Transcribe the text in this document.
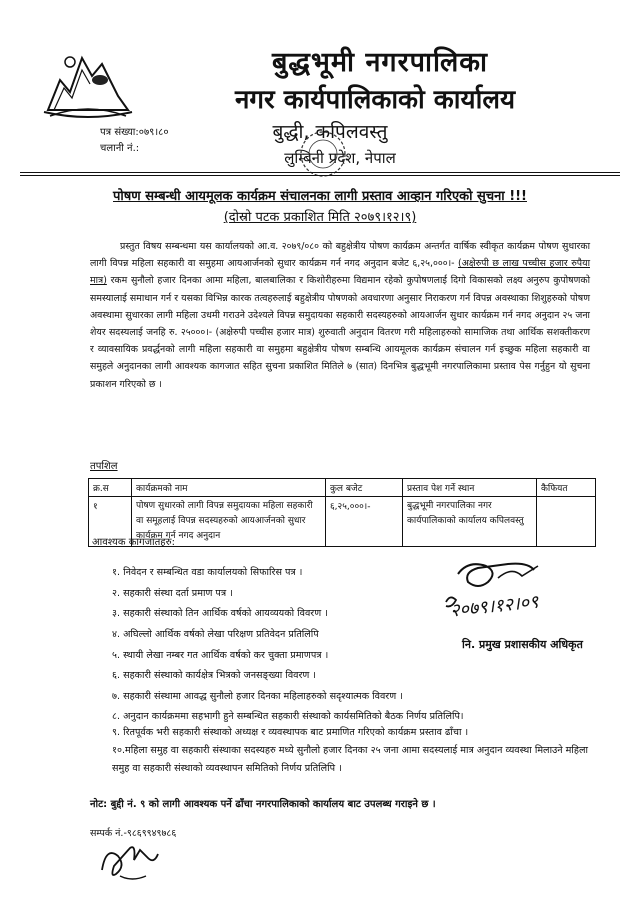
बुद्धभूमी नगरपालिका
नगर कार्यपालिकाको कार्यालय
बुद्धी, कपिलवस्तु
लुम्बिनी प्रदेश, नेपाल
पत्र संख्या:०७९।८०
चलानी नं.:
पोषण सम्बन्धी आयमूलक कार्यक्रम संचालनका लागी प्रस्ताव आव्हान गरिएको सुचना !!!
(दोस्रो पटक प्रकाशित मिति २०७९।१२।९)
प्रस्तुत विषय सम्बन्धमा यस कार्यालयको आ.व. २०७९/०८० को बहुक्षेत्रीय पोषण कार्यक्रम अन्तर्गत वार्षिक स्वीकृत कार्यक्रम पोषण सुधारका लागी विपन्न महिला सहकारी वा समुहमा आयआर्जनको सुधार कार्यक्रम गर्न नगद अनुदान बजेट ६,२५,०००।- (अक्षेरुपी छ लाख पच्चीस हजार रुपैया मात्र) रकम सुनौलो हजार दिनका आमा महिला, बालबालिका र किशोरीहरुमा विद्यमान रहेको कुपोषणलाई दिगो विकासको लक्ष्य अनुरुप कुपोषणको समस्यालाई समाधान गर्न र यसका विभिन्न कारक तत्वहरुलाई बहुक्षेत्रीय पोषणको अवधारणा अनुसार निराकरण गर्न विपन्न अवस्थाका शिशुहरुको पोषण अवस्थामा सुधारका लागी महिला उधमी गराउने उदेश्यले विपन्न समुदायका सहकारी सदस्यहरुको आयआर्जन सुधार कार्यक्रम गर्न नगद अनुदान २५ जना शेयर सदस्यलाई जनहि रु. २५०००।- (अक्षेरुपी पच्चीस हजार मात्र) शुरुवाती अनुदान वितरण गरी महिलाहरुको सामाजिक तथा आर्थिक सशक्तीकरण र व्यावसायिक प्रवर्द्धनको लागी महिला सहकारी वा समुहमा बहुक्षेत्रीय पोषण सम्बन्धि आयमूलक कार्यक्रम संचालन गर्न इच्छुक महिला सहकारी वा समुहले अनुदानका लागी आवश्यक कागजात सहित सुचना प्रकाशित मितिले ७ (सात) दिनभित्र बुद्धभूमी नगरपालिकामा प्रस्ताव पेस गर्नुहुन यो सुचना प्रकाशन गरिएको छ ।
तपशिल
क्र.स	कार्यक्रमको नाम	कुल बजेट	प्रस्ताव पेश गर्ने स्थान	कैफियत
१	पोषण सुधारको लागी विपन्न समुदायका महिला सहकारी वा समूहलाई विपन्न सदस्यहरुको आयआर्जनको सुधार कार्यक्रम गर्न नगद अनुदान	६,२५,०००।-	बुद्धभूमी नगरपालिका नगर कार्यपालिकाको कार्यालय कपिलवस्तु	
आवश्यक कागजातहरु:
१. निवेदन र सम्बन्धित वडा कार्यालयको सिफारिस पत्र ।
२. सहकारी संस्था दर्ता प्रमाण पत्र ।
३. सहकारी संस्थाको तिन आर्थिक वर्षको आयव्ययको विवरण ।
४. अघिल्लो आर्थिक वर्षको लेखा परिक्षण प्रतिवेदन प्रतिलिपि
५. स्थायी लेखा नम्बर गत आर्थिक वर्षको कर चुक्ता प्रमाणपत्र ।
६. सहकारी संस्थाको कार्यक्षेत्र भित्रको जनसङ्ख्या विवरण ।
७. सहकारी संस्थामा आवद्ध सुनौलो हजार दिनका महिलाहरुको सदृश्यात्मक विवरण ।
८. अनुदान कार्यक्रममा सहभागी हुने सम्बन्धित सहकारी संस्थाको कार्यसमितिको बैठक निर्णय प्रतिलिपि।
९. रितपूर्वक भरी सहकारी संस्थाको अध्यक्ष र व्यवस्थापक बाट प्रमाणित गरिएको कार्यक्रम प्रस्ताव ढाँचा ।
१०.महिला समुह वा सहकारी संस्थाका सदस्यहरु मध्ये सुनौलो हजार दिनका २५ जना आमा सदस्यलाई मात्र अनुदान व्यवस्था मिलाउने महिला समुह वा सहकारी संस्थाको व्यवस्थापन समितिको निर्णय प्रतिलिपि ।
२०७९।१२।०९
नि. प्रमुख प्रशासकीय अधिकृत
नोट: बुद्दी नं. ९ को लागी आवश्यक पर्ने ढाँचा नगरपालिकाको कार्यालय बाट उपलब्ध गराइने छ ।
सम्पर्क नं.-९८६९९४९७८६
